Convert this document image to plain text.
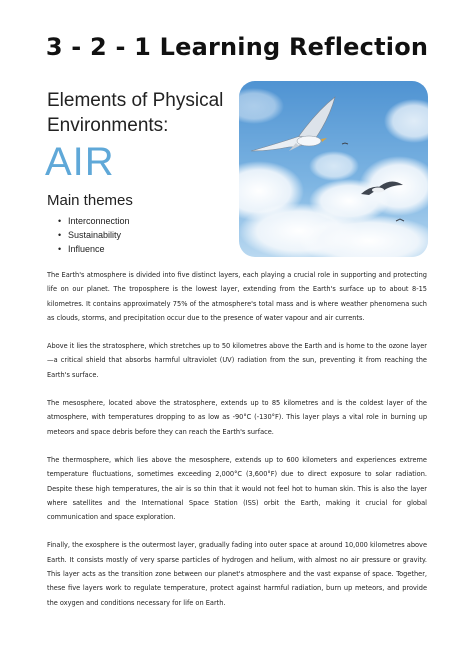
3 - 2 - 1 Learning Reflection
Elements of Physical Environments:
AIR
Main themes
• Interconnection
• Sustainability
• Influence

The Earth's atmosphere is divided into five distinct layers, each playing a crucial role in supporting and protecting life on our planet. The troposphere is the lowest layer, extending from the Earth's surface up to about 8-15 kilometres. It contains approximately 75% of the atmosphere's total mass and is where weather phenomena such as clouds, storms, and precipitation occur due to the presence of water vapour and air currents.

Above it lies the stratosphere, which stretches up to 50 kilometres above the Earth and is home to the ozone layer—a critical shield that absorbs harmful ultraviolet (UV) radiation from the sun, preventing it from reaching the Earth's surface.

The mesosphere, located above the stratosphere, extends up to 85 kilometres and is the coldest layer of the atmosphere, with temperatures dropping to as low as -90°C (-130°F). This layer plays a vital role in burning up meteors and space debris before they can reach the Earth's surface.

The thermosphere, which lies above the mesosphere, extends up to 600 kilometers and experiences extreme temperature fluctuations, sometimes exceeding 2,000°C (3,600°F) due to direct exposure to solar radiation. Despite these high temperatures, the air is so thin that it would not feel hot to human skin. This is also the layer where satellites and the International Space Station (ISS) orbit the Earth, making it crucial for global communication and space exploration.

Finally, the exosphere is the outermost layer, gradually fading into outer space at around 10,000 kilometres above Earth. It consists mostly of very sparse particles of hydrogen and helium, with almost no air pressure or gravity. This layer acts as the transition zone between our planet's atmosphere and the vast expanse of space. Together, these five layers work to regulate temperature, protect against harmful radiation, burn up meteors, and provide the oxygen and conditions necessary for life on Earth.
